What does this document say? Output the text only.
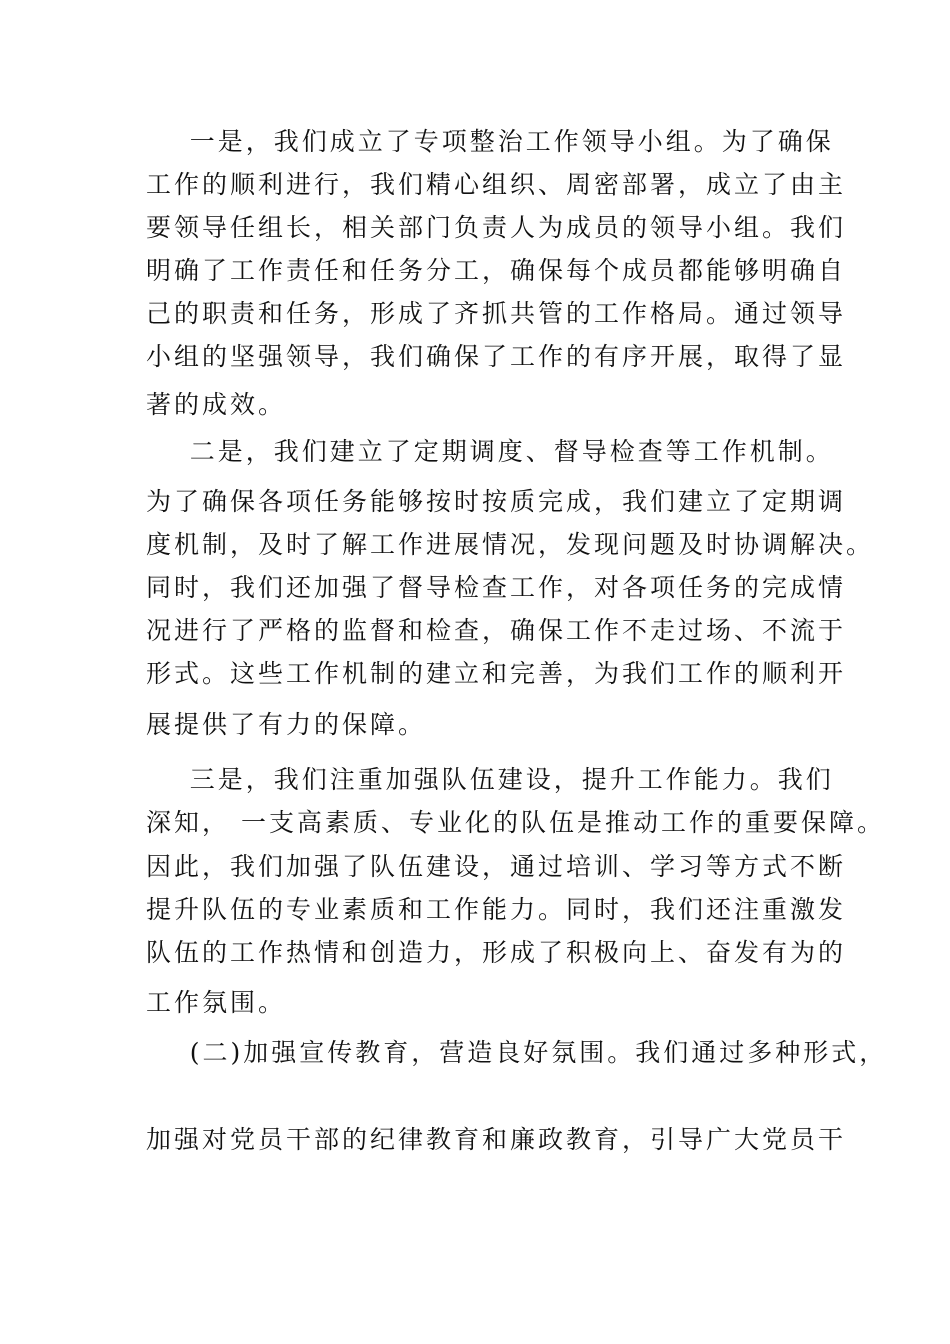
一是，我们成立了专项整治工作领导小组。为了确保
工作的顺利进行，我们精心组织、周密部署，成立了由主
要领导任组长，相关部门负责人为成员的领导小组。我们
明确了工作责任和任务分工，确保每个成员都能够明确自
己的职责和任务，形成了齐抓共管的工作格局。通过领导
小组的坚强领导，我们确保了工作的有序开展，取得了显
著的成效。
二是，我们建立了定期调度、督导检查等工作机制。
为了确保各项任务能够按时按质完成，我们建立了定期调
度机制，及时了解工作进展情况，发现问题及时协调解决。
同时，我们还加强了督导检查工作，对各项任务的完成情
况进行了严格的监督和检查，确保工作不走过场、不流于
形式。这些工作机制的建立和完善，为我们工作的顺利开
展提供了有力的保障。
三是，我们注重加强队伍建设，提升工作能力。我们
深知， 一支高素质、专业化的队伍是推动工作的重要保障。
因此，我们加强了队伍建设，通过培训、学习等方式不断
提升队伍的专业素质和工作能力。同时，我们还注重激发
队伍的工作热情和创造力，形成了积极向上、奋发有为的
工作氛围。
(二)加强宣传教育，营造良好氛围。我们通过多种形式，
加强对党员干部的纪律教育和廉政教育，引导广大党员干
